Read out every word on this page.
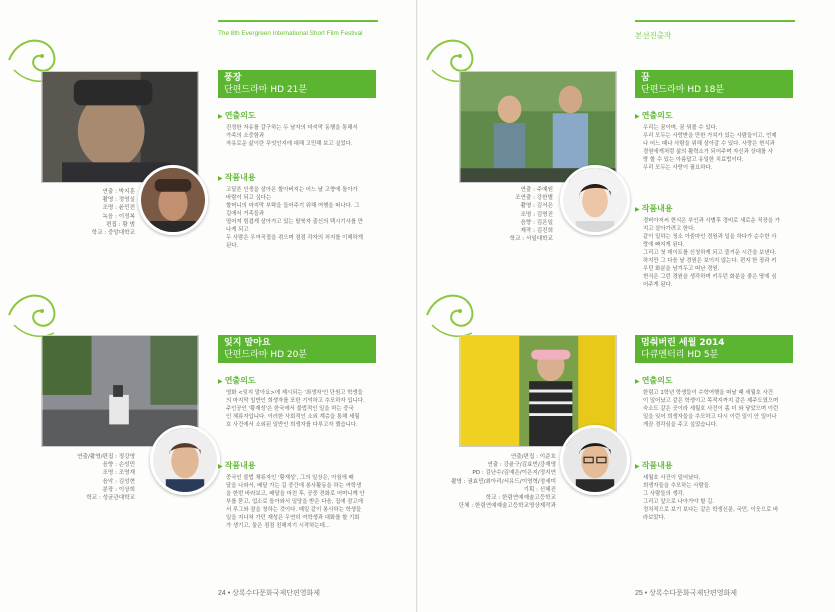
The 8th Evergreen International Short Film Festival
풍장
단편드라마 HD 21분
연출 : 박지훈
촬영 : 정영실
조명 : 윤민전
녹음 : 이정복
편집 : 황 범
학교 : 중앙대학교
▶ 연출의도

진정한 자유를 갈구하는 두 남자의 마지막 동행을 통해서

가족의 소중함과

자유로운 삶이란 무엇인지에 대해 고민해 보고 싶었다.

▶ 작품내용

고달픈 인생을 살아온 할아버지는 어느 날 고향에 돌아가

바람이 되고 싶다는

할머니의 마지막 부탁을 들어주기 위해 여행을 떠나다. 그

길에서 거족들과

떨어져 힘겹게 살아가고 있는 탈북자 출신의 택시기사를 만

나게 되고

두 사람은 우여곡절을 겪으며 점점 각자의 처지를 이해하게

된다.

잊지 말아요
단편드라마 HD 20분
연출/촬영/편집 : 정강영
음향 : 손성민
조명 : 조영재
음악 : 김성현
분장 : 이상희
학교 : 성균관대학교
▶ 연출의도

영화 <잊지 말아요>에 제시되는 '최생자'인 단원고 학생들

의 마지막 일반인 희생자를 포한 기억하고 추모하자 입니다.

주인공인 '황재성'은 한국에서 불법적인 일을 하는 중국

인 체류자입니다. 이러한 사회적인 소외 계층을 통해 세월

호 사건에서 소외된 일반인 희생자를 다루고자 했습니다.

▶ 작품내용

중국인 불법 체류자인 '황재성', 그의 일상은, 아침에 배

달을 나와서, 배달 가는 길 중간에 봉사활동을 하는 여학생

을 한번 바라보고, 배달을 마친 후, 공중 전화로 어머니께 안

부를 묻고, 업소로 돌아와서 일당을 받은 다음, 집에 잠고에

서 루그와 잠을 청하는 것이다. 매일 같이 봉사하는 학생들

일을 지나쳐 가던 재성은 우연히 여학생과 대화를 할 기회

가 생기고, 둘은 점점 친해지기 시작하는데...

24 • 상록수다문화국제단편영화제
본선진출작
꿈
단편드라마 HD 18분
연출 : 주예원
조연출 : 강한별
촬영 : 김서은
조명 : 김명진
음향 : 김은일
제작 : 김진희
학교 : 서일대학교
▶ 연출의도

우리는 꿈이며, 꿈 꿔볼 수 있다.

우리 모두는 사랑받을 만한 가치가 있는 사람들이고, 언제

나 어느 때나 사람을 위해 살아갈 수 있다. 사랑은 현식과

경원에게처럼 삶의 활력소가 되어주며 자신과 상대를 사

랑 할 수 있는 아름답고 유일한 치료법이다.

우리 모두는 사랑이 필요하다.

▶ 작품내용

경비아저씨 현식은 부인과 사별후 경비로 새로운 직장을 가

지고 살아가려고 한다.

같이 일하는 청소 아줌마인 경원과 일을 하다가 순수한 사

랑에 빠지게 된다.

그리고 첫 데이트를 신청하게 되고 즐거운 시간을 보낸다.

하지만 그 다음 날 경원은 보이지 않는다. 편지 한 장과 키

우던 화분을 남겨두고 떠난 경원.

현식은 그런 경원을 생각하며 키우던 화분을 좋은 땅에 심

어주게 된다.

멈춰버린 세월 2014
다큐멘터리 HD 5분
연출/편집 : 이준호
연출 : 강윤구/김효빈/강재영
PD : 김난수/김예은/이은지/정지연
촬영 : 권효민/최아리/서유드/이영혁/정세미
기획 : 신혜진
학교 : 한림연예예술고등학교
단체 : 한림연예예술고등학교영상제작과
▶ 연출의도

한림고 1학년 학생들이 수학여행을 떠날 때 세월호 사건

이 일어났고 같은 학생이고 목적지까지 같은 제주도였으며

숙소도 같은 곳이라 세월호 사건이 좀 더 와 닿았으며 이런

일을 잊어 희생자들을 추모하고 다시 이런 일이 안 일어나

게끔 경각심을 주고 싶었습니다.

▶ 작품내용

세월호 사건이 일어났다.

희생자들을 추모하는 사람들.

그 사람들의 생각.

그리고 앞으로 나아가야 할 길.

정치적으로 보기 보다는 같은 학생신분, 국민, 이웃으로 바

라보았다.

25 • 상록수다문화국제단편영화제
